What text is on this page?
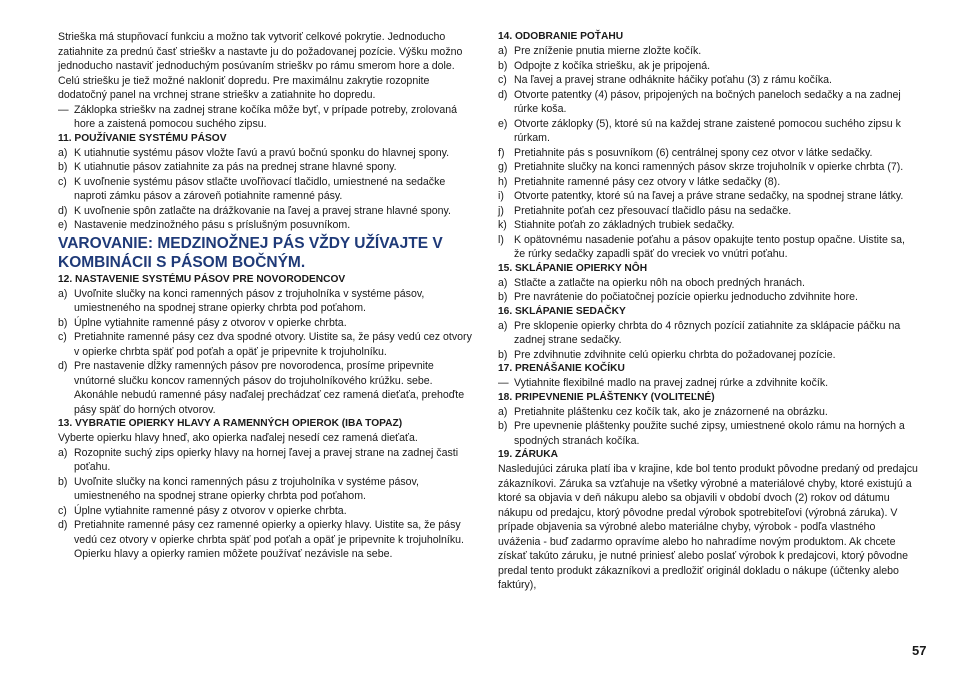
Strieška má stupňovací funkciu a možno tak vytvoriť celkové pokrytie. Jednoducho zatiahnite za prednú časť strieškv a nastavte ju do požadovanej pozície. Výšku možno jednoducho nastaviť jednoduchým posúvaním strieškv po rámu smerom hore a dole. Celú striešku je tiež možné nakloniť dopredu. Pre maximálnu zakrytie rozopnite dodatočný panel na vrchnej strane strieškv a zatiahnite ho dopredu.

— Záklopka strieškv na zadnej strane kočíka môže byť, v prípade potreby, zrolovaná hore a zaistená pomocou suchého zipsu.

11. POUŽÍVANIE SYSTÉMU PÁSOV

a) K utiahnutie systému pásov vložte ľavú a pravú bočnú sponku do hlavnej spony.
b) K utiahnutie pásov zatiahnite za pás na prednej strane hlavné spony.
c) K uvoľnenie systému pásov stlačte uvoľňovací tlačidlo, umiestnené na sedačke naproti zámku pásov a zároveň potiahnite ramenné pásy.
d) K uvoľnenie spôn zatlačte na drážkovanie na ľavej a pravej strane hlavné spony.
e) Nastavenie medzinožného pásu s príslušným posuvníkom.

VAROVANIE: MEDZINOŽNEJ PÁS VŽDY UŽÍVAJTE V KOMBINÁCII S PÁSOM BOČNÝM.

12. NASTAVENIE SYSTÉMU PÁSOV PRE NOVORODENCOV

a) Uvoľnite slučky na konci ramenných pásov z trojuholníka v systéme pásov, umiestneného na spodnej strane opierky chrbta pod poťahom.
b) Úplne vytiahnite ramenné pásy z otvorov v opierke chrbta.
c) Pretiahnite ramenné pásy cez dva spodné otvory. Uistite sa, že pásy vedú cez otvory v opierke chrbta späť pod poťah a opäť je pripevnite k trojuholníku.
d) Pre nastavenie dĺžky ramenných pásov pre novorodenca, prosíme pripevnite vnútorné slučku koncov ramenných pásov do trojuholníkového krúžku. sebe. Akonáhle nebudú ramenné pásy naďalej prechádzať cez ramená dieťaťa, prehoďte pásy späť do horných otvorov.

13. VYBRATIE OPIERKY HLAVY A RAMENNÝCH OPIEROK (IBA TOPAZ)

Vyberte opierku hlavy hneď, ako opierka naďalej nesedí cez ramená dieťaťa.

a) Rozopnite suchý zips opierky hlavy na hornej ľavej a pravej strane na zadnej časti poťahu.
b) Uvoľnite slučky na konci ramenných pásu z trojuholníka v systéme pásov, umiestneného na spodnej strane opierky chrbta pod poťahom.
c) Úplne vytiahnite ramenné pásy z otvorov v opierke chrbta.
d) Pretiahnite ramenné pásy cez ramenné opierky a opierky hlavy. Uistite sa, že pásy vedú cez otvory v opierke chrbta späť pod poťah a opäť je pripevnite k trojuholníku. Opierku hlavy a opierky ramien môžete používať nezávisle na sebe.

14. ODOBRANIE POŤAHU

a) Pre zníženie pnutia mierne zložte kočík.
b) Odpojte z kočíka striešku, ak je pripojená.
c) Na ľavej a pravej strane odháknite háčiky poťahu (3) z rámu kočíka.
d) Otvorte patentky (4) pásov, pripojených na bočných paneloch sedačky a na zadnej rúrke koša.
e) Otvorte záklopky (5), ktoré sú na každej strane zaistené pomocou suchého zipsu k rúrkam.
f) Pretiahnite pás s posuvníkom (6) centrálnej spony cez otvor v látke sedačky.
g) Pretiahnite slučky na konci ramenných pásov skrze trojuholník v opierke chrbta (7).
h) Pretiahnite ramenné pásy cez otvory v látke sedačky (8).
i) Otvorte patentky, ktoré sú na ľavej a práve strane sedačky, na spodnej strane látky.
j) Pretiahnite poťah cez přesouvací tlačidlo pásu na sedačke.
k) Stiahnite poťah zo základných trubiek sedačky.
l) K opätovnému nasadenie poťahu a pásov opakujte tento postup opačne. Uistite sa, že rúrky sedačky zapadli späť do vreciek vo vnútri poťahu.

15. SKLÁPANIE OPIERKY NÔH

a) Stlačte a zatlačte na opierku nôh na oboch predných hranách.
b) Pre navrátenie do počiatočnej pozície opierku jednoducho zdvihnite hore.

16. SKLÁPANIE SEDAČKY

a) Pre sklopenie opierky chrbta do 4 rôznych pozícií zatiahnite za sklápacie páčku na zadnej strane sedačky.
b) Pre zdvihnutie zdvihnite celú opierku chrbta do požadovanej pozície.

17. PRENÁŠANIE KOČÍKU

— Vytiahnite flexibilné madlo na pravej zadnej rúrke a zdvihnite kočík.

18. PRIPEVNENIE PLÁŠTENKY (VOLITEĽNÉ)

a) Pretiahnite pláštenku cez kočík tak, ako je znázornené na obrázku.
b) Pre upevnenie pláštenky použite suché zipsy, umiestnené okolo rámu na horných a spodných stranách kočíka.

19. ZÁRUKA

Nasledujúci záruka platí iba v krajine, kde bol tento produkt pôvodne predaný od predajcu zákazníkovi. Záruka sa vzťahuje na všetky výrobné a materiálové chyby, ktoré existujú a ktoré sa objavia v deň nákupu alebo sa objavili v období dvoch (2) rokov od dátumu nákupu od predajcu, ktorý pôvodne predal výrobok spotrebiteľovi (výrobná záruka). V prípade objavenia sa výrobné alebo materiálne chyby, výrobok - podľa vlastného uváženia - buď zadarmo opravíme alebo ho nahradíme novým produktom. Ak chcete získať takúto záruku, je nutné priniesť alebo poslať výrobok k predajcovi, ktorý pôvodne predal tento produkt zákazníkovi a predložiť originál dokladu o nákupe (účtenky alebo faktúry),

57
